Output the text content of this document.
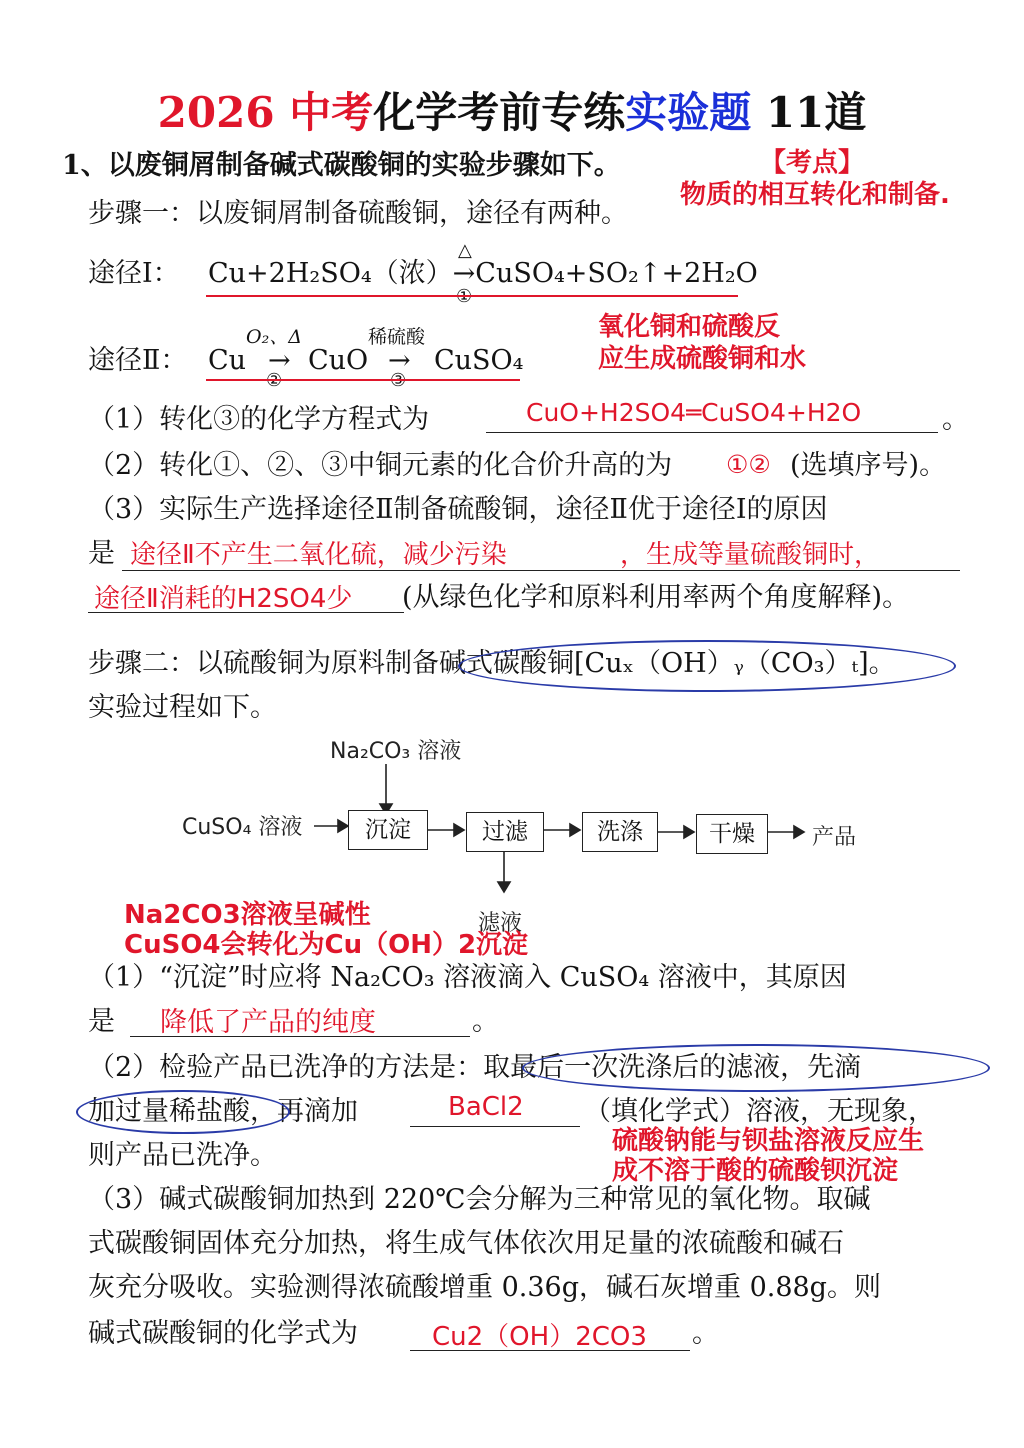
2026 中考化学考前专练实验题 11道
1、以废铜屑制备碱式碳酸铜的实验步骤如下。	【考点】
物质的相互转化和制备.
步骤一：以废铜屑制备硫酸铜，途径有两种。
途径Ⅰ： Cu+2H₂SO₄（浓）→CuSO₄+SO₂↑+2H₂O
△
①
途径Ⅱ： Cu → CuO → CuSO₄
O₂、Δ	稀硫酸
②	③
氧化铜和硫酸反
应生成硫酸铜和水
（1）转化③的化学方程式为	CuO+H2SO4═CuSO4+H2O	。
（2）转化①、②、③中铜元素的化合价升高的为 ①② (选填序号)。
（3）实际生产选择途径Ⅱ制备硫酸铜，途径Ⅱ优于途径Ⅰ的原因
是 途径Ⅱ不产生二氧化硫，减少污染	，生成等量硫酸铜时，
途径Ⅱ消耗的H2SO4少 (从绿色化学和原料利用率两个角度解释)。
步骤二：以硫酸铜为原料制备碱式碳酸铜[Cuₓ（OH）ᵧ（CO₃）ₜ]。
实验过程如下。
Na₂CO₃ 溶液
CuSO₄ 溶液	沉淀	过滤	洗涤	干燥	产品
滤液
Na2CO3溶液呈碱性
CuSO4会转化为Cu（OH）2沉淀
（1）“沉淀”时应将 Na₂CO₃ 溶液滴入 CuSO₄ 溶液中，其原因
是 降低了产品的纯度	。
（2）检验产品已洗净的方法是：取最后一次洗涤后的滤液，先滴
加过量稀盐酸，再滴加	BaCl2 （填化学式）溶液，无现象，
则产品已洗净。	硫酸钠能与钡盐溶液反应生
成不溶于酸的硫酸钡沉淀
（3）碱式碳酸铜加热到 220℃会分解为三种常见的氧化物。取碱
式碳酸铜固体充分加热，将生成气体依次用足量的浓硫酸和碱石
灰充分吸收。实验测得浓硫酸增重 0.36g，碱石灰增重 0.88g。则
碱式碳酸铜的化学式为	Cu2（OH）2CO3 。
